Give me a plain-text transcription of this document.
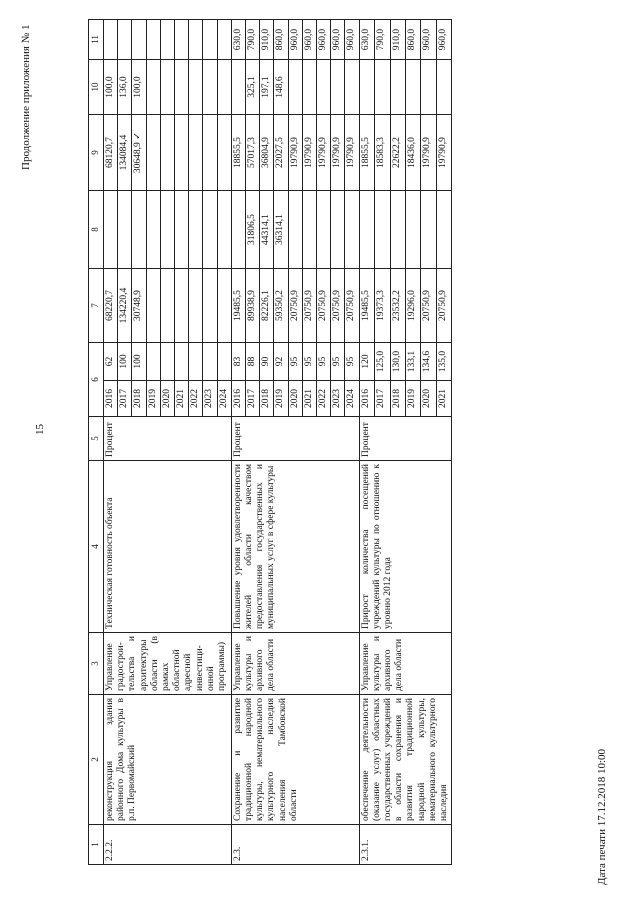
15
Продолжение приложения № 1
1	2	3	4	5	6		7	8	9	10	11
2.2.2.	реконструкция здания районного Дома культуры в р.п. Первомайский	Управление градострои-тельства и архитектуры области (в рамках областной адресной инвестици-онной программы)	Техническая готовность объекта	Процент	2016	62	68220,7		68120,7	100,0	
					2017	100	134220,4		134084,4	136,0	
					2018	100	30748,9		30648,9 ✓	100,0	
					2019						
					2020						
					2021						
					2022						
					2023						
					2024						
2.3.	Сохранение и развитие традиционной народной культуры, нематериального культурного наследия населения Тамбовской области	Управление культуры и архивного дела области	Повышение уровня удовлетворенности жителей области качеством предоставления государственных и муниципальных услуг в сфере культуры	Процент	2016	83	19485,5		18855,5		630,0
					2017	88	89938,9	31806,5	57017,3	325,1	790,0
					2018	90	82226,1	44314,1	36804,9	197,1	910,0
					2019	92	59350,2	36314,1	22027,5	148,6	860,0
					2020	95	20750,9		19790,9		960,0
					2021	95	20750,9		19790,9		960,0
					2022	95	20750,9		19790,9		960,0
					2023	95	20750,9		19790,9		960,0
					2024	95	20750,9		19790,9		960,0
2.3.1.	обеспечение деятельности (оказание услуг) областных государственных учреждений в области сохранения и развития традиционной народной культуры, нематериального культурного наследия	Управление культуры и архивного дела области	Прирост количества посещений учреждений культуры по отношению к уровню 2012 года	Процент	2016	120	19485,5		18855,5		630,0
					2017	125,0	19373,3		18583,3		790,0
					2018	130,0	23532,2		22622,2		910,0
					2019	133,1	19296,0		18436,0		860,0
					2020	134,6	20750,9		19790,9		960,0
					2021	135,0	20750,9		19790,9		960,0
Дата печати 17.12.2018 10:00
